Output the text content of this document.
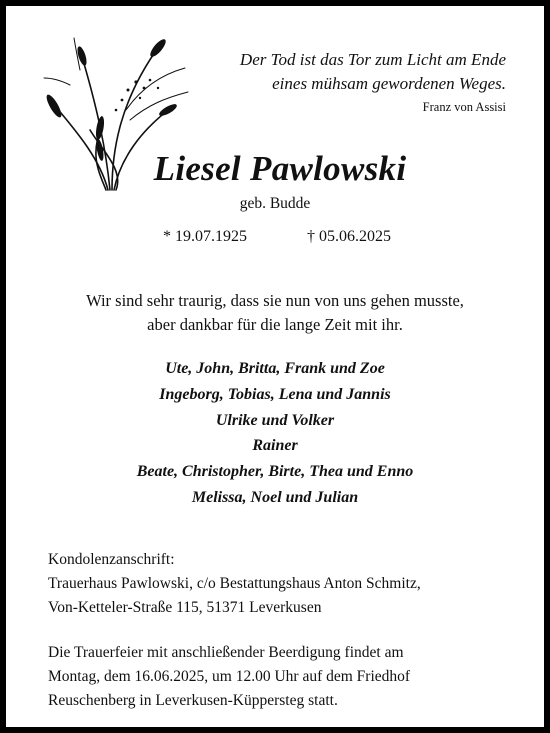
Der Tod ist das Tor zum Licht am Ende
eines mühsam gewordenen Weges.
Franz von Assisi
Liesel Pawlowski
geb. Budde
* 19.07.1925	† 05.06.2025
Wir sind sehr traurig, dass sie nun von uns gehen musste,
aber dankbar für die lange Zeit mit ihr.
Ute, John, Britta, Frank und Zoe
Ingeborg, Tobias, Lena und Jannis
Ulrike und Volker
Rainer
Beate, Christopher, Birte, Thea und Enno
Melissa, Noel und Julian
Kondolenzanschrift:
Trauerhaus Pawlowski, c/o Bestattungshaus Anton Schmitz,
Von-Ketteler-Straße 115, 51371 Leverkusen
Die Trauerfeier mit anschließender Beerdigung findet am
Montag, dem 16.06.2025, um 12.00 Uhr auf dem Friedhof
Reuschenberg in Leverkusen-Küppersteg statt.
